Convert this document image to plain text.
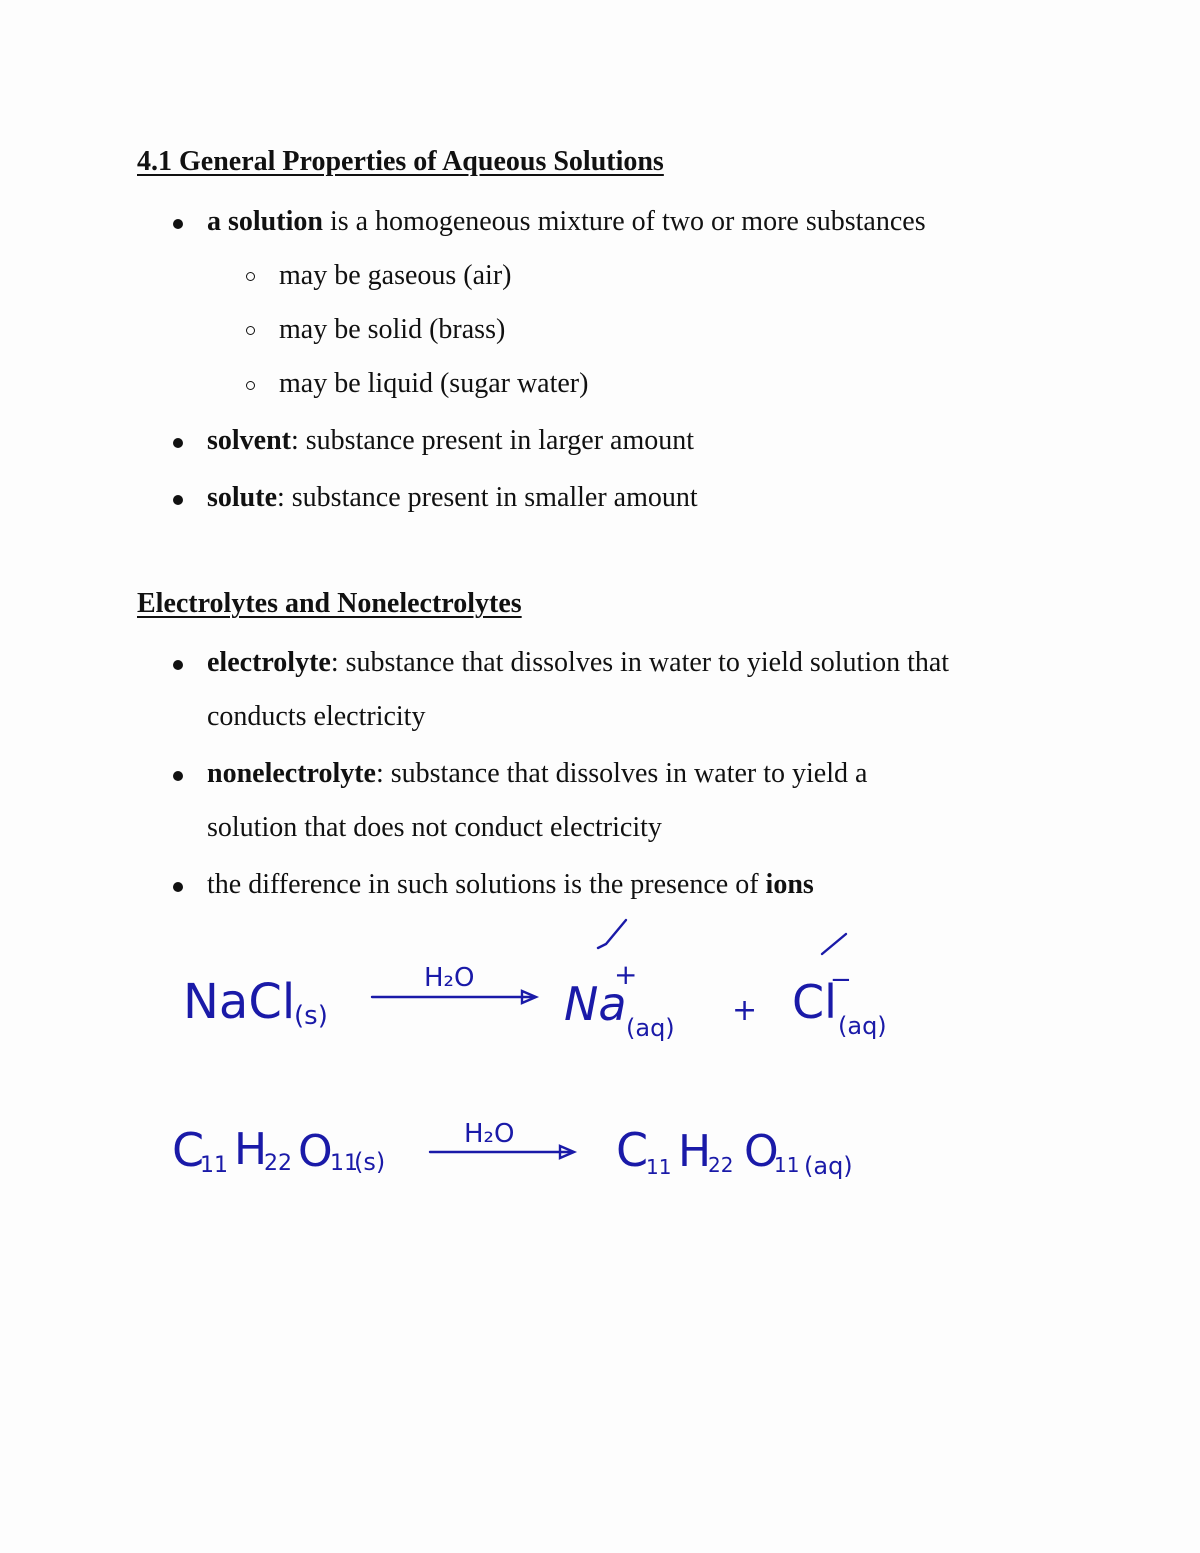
4.1 General Properties of Aqueous Solutions
a solution is a homogeneous mixture of two or more substances
may be gaseous (air)
may be solid (brass)
may be liquid (sugar water)
solvent: substance present in larger amount
solute: substance present in smaller amount
Electrolytes and Nonelectrolytes
electrolyte: substance that dissolves in water to yield solution that
conducts electricity
nonelectrolyte: substance that dissolves in water to yield a
solution that does not conduct electricity
the difference in such solutions is the presence of ions
NaCl
(s)
H₂O Na
+
(aq) + Cl
−
(aq)
C
11 H
22 O
11
(s)
H₂O C
11 H
22 O
11 (aq)
